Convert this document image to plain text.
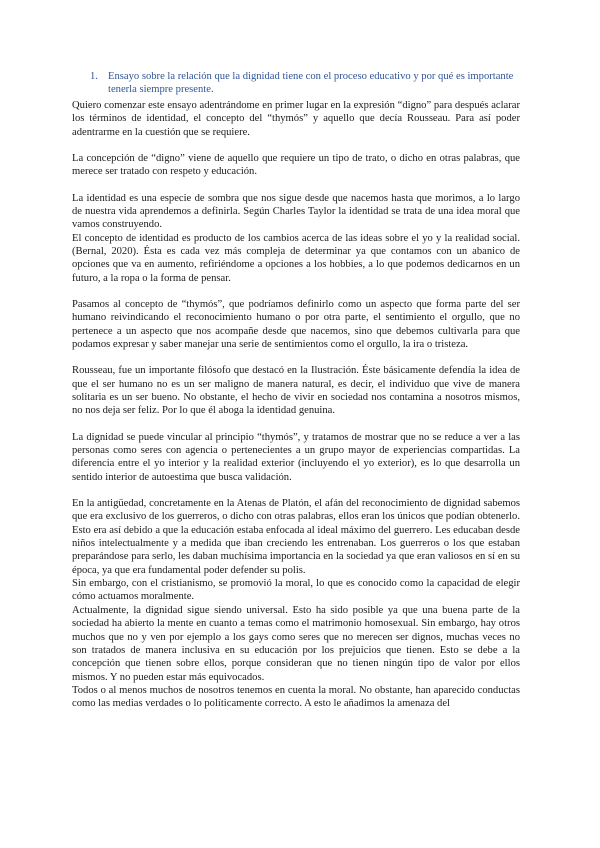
1. Ensayo sobre la relación que la dignidad tiene con el proceso educativo y por qué es importante tenerla siempre presente.

Quiero comenzar este ensayo adentrándome en primer lugar en la expresión “digno” para después aclarar los términos de identidad, el concepto del “thymós” y aquello que decía Rousseau. Para así poder adentrarme en la cuestión que se requiere.

La concepción de “digno” viene de aquello que requiere un tipo de trato, o dicho en otras palabras, que merece ser tratado con respeto y educación.

La identidad es una especie de sombra que nos sigue desde que nacemos hasta que morimos, a lo largo de nuestra vida aprendemos a definirla. Según Charles Taylor la identidad se trata de una idea moral que vamos construyendo.

El concepto de identidad es producto de los cambios acerca de las ideas sobre el yo y la realidad social. (Bernal, 2020). Ésta es cada vez más compleja de determinar ya que contamos con un abanico de opciones que va en aumento, refiriéndome a opciones a los hobbies, a lo que podemos dedicarnos en un futuro, a la ropa o la forma de pensar.

Pasamos al concepto de “thymós”, que podríamos definirlo como un aspecto que forma parte del ser humano reivindicando el reconocimiento humano o por otra parte, el sentimiento el orgullo, que no pertenece a un aspecto que nos acompañe desde que nacemos, sino que debemos cultivarla para que podamos expresar y saber manejar una serie de sentimientos como el orgullo, la ira o tristeza.

Rousseau, fue un importante filósofo que destacó en la Ilustración. Éste básicamente defendía la idea de que el ser humano no es un ser maligno de manera natural, es decir, el individuo que vive de manera solitaria es un ser bueno. No obstante, el hecho de vivir en sociedad nos contamina a nosotros mismos, no nos deja ser feliz. Por lo que él aboga la identidad genuina.

La dignidad se puede vincular al principio “thymós”, y tratamos de mostrar que no se reduce a ver a las personas como seres con agencia o pertenecientes a un grupo mayor de experiencias compartidas. La diferencia entre el yo interior y la realidad exterior (incluyendo el yo exterior), es lo que desarrolla un sentido interior de autoestima que busca validación.

En la antigüedad, concretamente en la Atenas de Platón, el afán del reconocimiento de dignidad sabemos que era exclusivo de los guerreros, o dicho con otras palabras, ellos eran los únicos que podían obtenerlo. Esto era así debido a que la educación estaba enfocada al ideal máximo del guerrero. Les educaban desde niños intelectualmente y a medida que iban creciendo les entrenaban. Los guerreros o los que estaban preparándose para serlo, les daban muchísima importancia en la sociedad ya que eran valiosos en sí en su época, ya que era fundamental poder defender su polis.

Sin embargo, con el cristianismo, se promovió la moral, lo que es conocido como la capacidad de elegir cómo actuamos moralmente.

Actualmente, la dignidad sigue siendo universal. Esto ha sido posible ya que una buena parte de la sociedad ha abierto la mente en cuanto a temas como el matrimonio homosexual. Sin embargo, hay otros muchos que no y ven por ejemplo a los gays como seres que no merecen ser dignos, muchas veces no son tratados de manera inclusiva en su educación por los prejuicios que tienen. Esto se debe a la concepción que tienen sobre ellos, porque consideran que no tienen ningún tipo de valor por ellos mismos. Y no pueden estar más equivocados.

Todos o al menos muchos de nosotros tenemos en cuenta la moral. No obstante, han aparecido conductas como las medias verdades o lo políticamente correcto. A esto le añadimos la amenaza del
